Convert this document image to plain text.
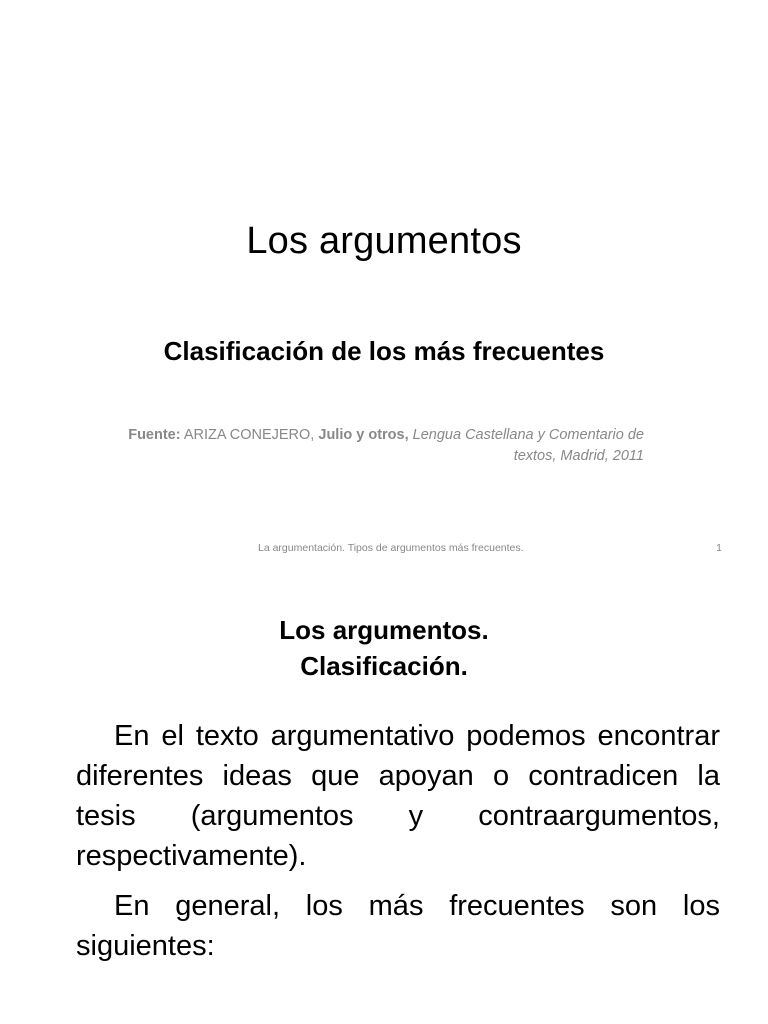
Los argumentos
Clasificación de los más frecuentes
Fuente: ARIZA CONEJERO, Julio y otros, Lengua Castellana y Comentario de textos, Madrid, 2011
La argumentación. Tipos de argumentos más frecuentes.	1
Los argumentos.
Clasificación.

En el texto argumentativo podemos encontrar diferentes ideas que apoyan o contradicen la tesis (argumentos y contraargumentos, respectivamente).

En general, los más frecuentes son los siguientes:
